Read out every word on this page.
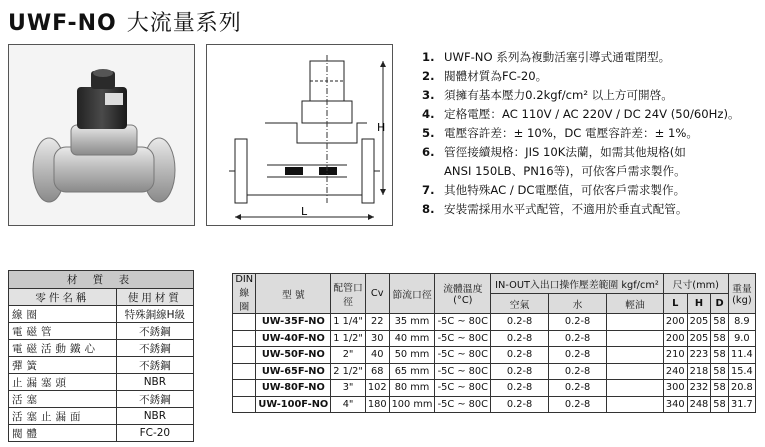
UWF-NO 大流量系列
H
L
1. UWF-NO 系列為複動活塞引導式通電閉型。
2. 閥體材質為FC-20。
3. 須擁有基本壓力0.2kgf/cm² 以上方可開啓。
4. 定格電壓：AC 110V / AC 220V / DC 24V (50/60Hz)。
5. 電壓容許差：± 10%，DC 電壓容許差：± 1%。
6. 管徑接續規格：JIS 10K法蘭，如需其他規格(如
ANSI 150LB、PN16等)，可依客戶需求製作。
7. 其他特殊AC / DC電壓值，可依客戶需求製作。
8. 安裝需採用水平式配管，不適用於垂直式配管。
材 質 表	
零件名稱	使用材質
線圈	特殊銅線H級
電磁管	不銹鋼
電磁活動鐵心	不銹鋼
彈簧	不銹鋼
止漏塞頭	NBR
活塞	不銹鋼
活塞止漏面	NBR
閥體	FC-20
DIN 線圈	型 號	配管口徑	Cv	節流口徑	流體溫度 (°C)	IN-OUT入出口操作壓差範圍 kgf/cm²			尺寸(mm)			重量 (kg)
						空氣	水	輕油	L	H	D	
	UW-35F-NO	1 1/4"	22	35 mm	-5C ~ 80C	0.2-8	0.2-8		200	205	58	8.9
	UW-40F-NO	1 1/2"	30	40 mm	-5C ~ 80C	0.2-8	0.2-8		200	205	58	9.0
	UW-50F-NO	2"	40	50 mm	-5C ~ 80C	0.2-8	0.2-8		210	223	58	11.4
	UW-65F-NO	2 1/2"	68	65 mm	-5C ~ 80C	0.2-8	0.2-8		240	218	58	15.4
	UW-80F-NO	3"	102	80 mm	-5C ~ 80C	0.2-8	0.2-8		300	232	58	20.8
	UW-100F-NO	4"	180	100 mm	-5C ~ 80C	0.2-8	0.2-8		340	248	58	31.7
